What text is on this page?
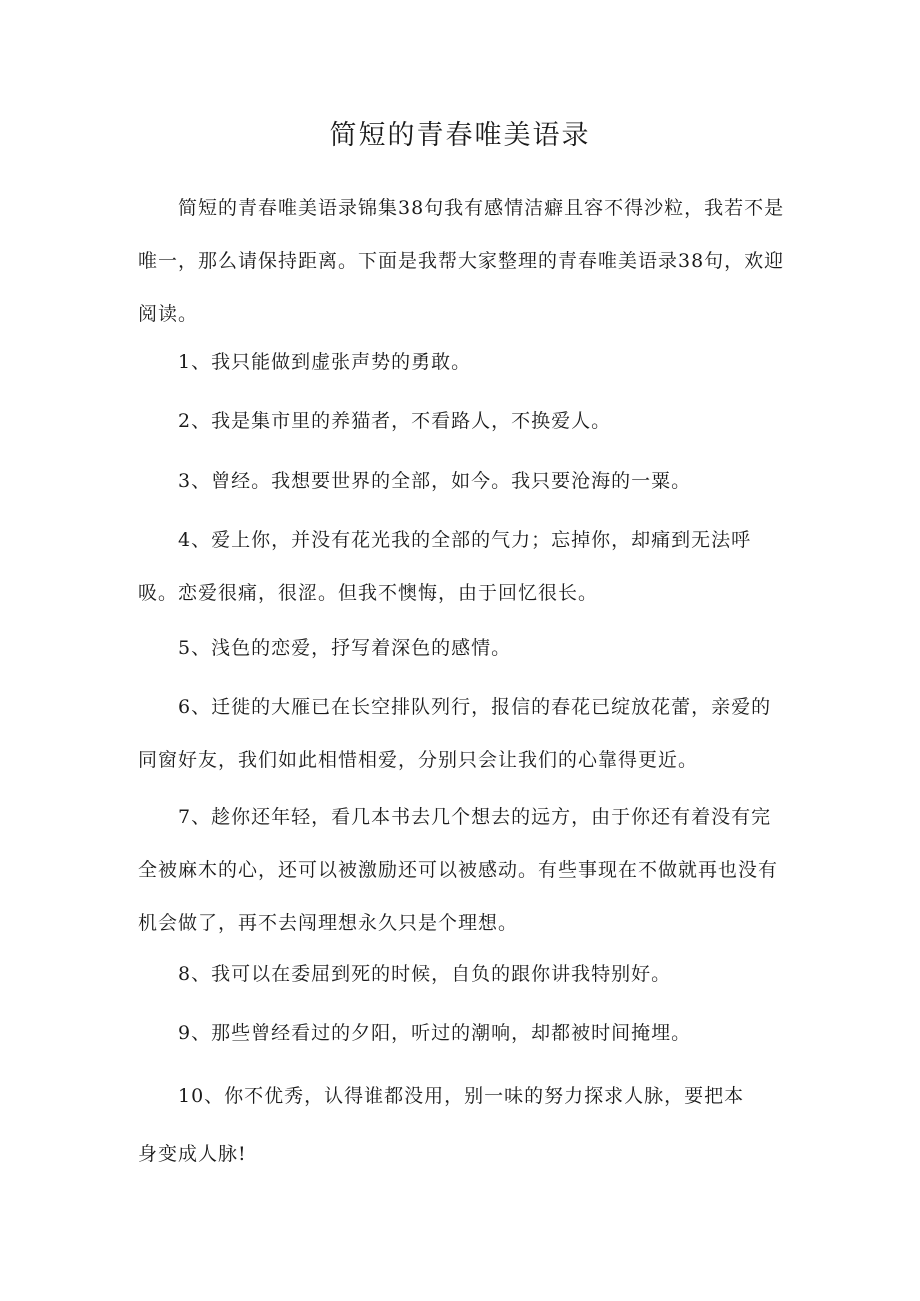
简短的青春唯美语录

简短的青春唯美语录锦集38句我有感情洁癖且容不得沙粒，我若不是唯一，那么请保持距离。下面是我帮大家整理的青春唯美语录38句，欢迎阅读。

1、我只能做到虚张声势的勇敢。

2、我是集市里的养猫者，不看路人，不换爱人。

3、曾经。我想要世界的全部，如今。我只要沧海的一粟。

4、爱上你，并没有花光我的全部的气力；忘掉你，却痛到无法呼吸。恋爱很痛，很涩。但我不懊悔，由于回忆很长。

5、浅色的恋爱，抒写着深色的感情。

6、迁徙的大雁已在长空排队列行，报信的春花已绽放花蕾，亲爱的同窗好友，我们如此相惜相爱，分别只会让我们的心靠得更近。

7、趁你还年轻，看几本书去几个想去的远方，由于你还有着没有完全被麻木的心，还可以被激励还可以被感动。有些事现在不做就再也没有机会做了，再不去闯理想永久只是个理想。

8、我可以在委屈到死的时候，自负的跟你讲我特别好。

9、那些曾经看过的夕阳，听过的潮响，却都被时间掩埋。

10、你不优秀，认得谁都没用，别一味的努力探求人脉，要把本身变成人脉!
